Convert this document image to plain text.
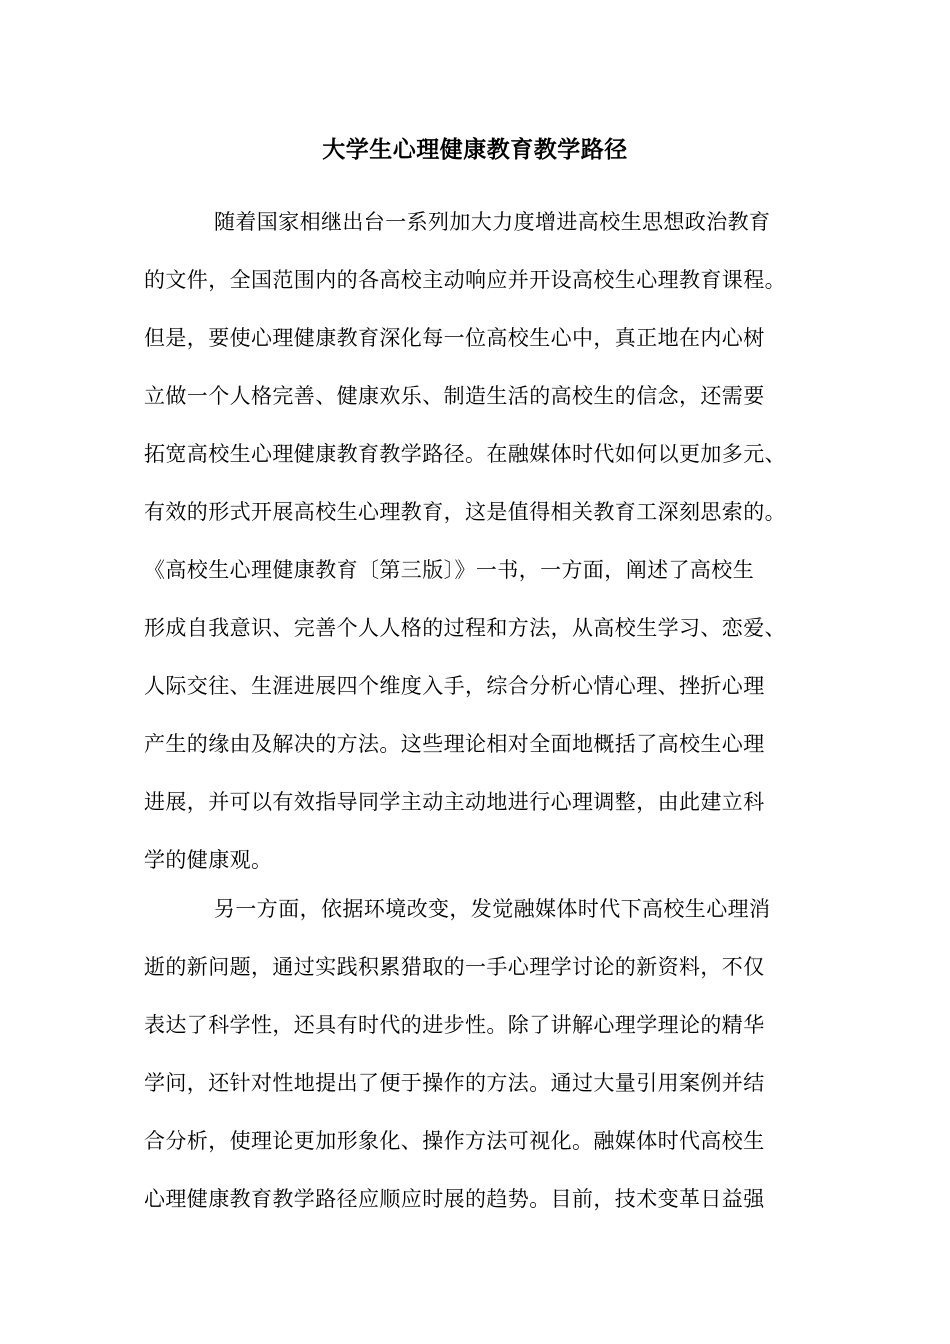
大学生心理健康教育教学路径
随着国家相继出台一系列加大力度增进高校生思想政治教育
的文件，全国范围内的各高校主动响应并开设高校生心理教育课程。
但是，要使心理健康教育深化每一位高校生心中，真正地在内心树
立做一个人格完善、健康欢乐、制造生活的高校生的信念，还需要
拓宽高校生心理健康教育教学路径。在融媒体时代如何以更加多元、
有效的形式开展高校生心理教育，这是值得相关教育工深刻思索的。
《高校生心理健康教育〔第三版〕》一书，一方面，阐述了高校生
形成自我意识、完善个人人格的过程和方法，从高校生学习、恋爱、
人际交往、生涯进展四个维度入手，综合分析心情心理、挫折心理
产生的缘由及解决的方法。这些理论相对全面地概括了高校生心理
进展，并可以有效指导同学主动主动地进行心理调整，由此建立科
学的健康观。
另一方面，依据环境改变，发觉融媒体时代下高校生心理消
逝的新问题，通过实践积累猎取的一手心理学讨论的新资料，不仅
表达了科学性，还具有时代的进步性。除了讲解心理学理论的精华
学问，还针对性地提出了便于操作的方法。通过大量引用案例并结
合分析，使理论更加形象化、操作方法可视化。融媒体时代高校生
心理健康教育教学路径应顺应时展的趋势。目前，技术变革日益强
